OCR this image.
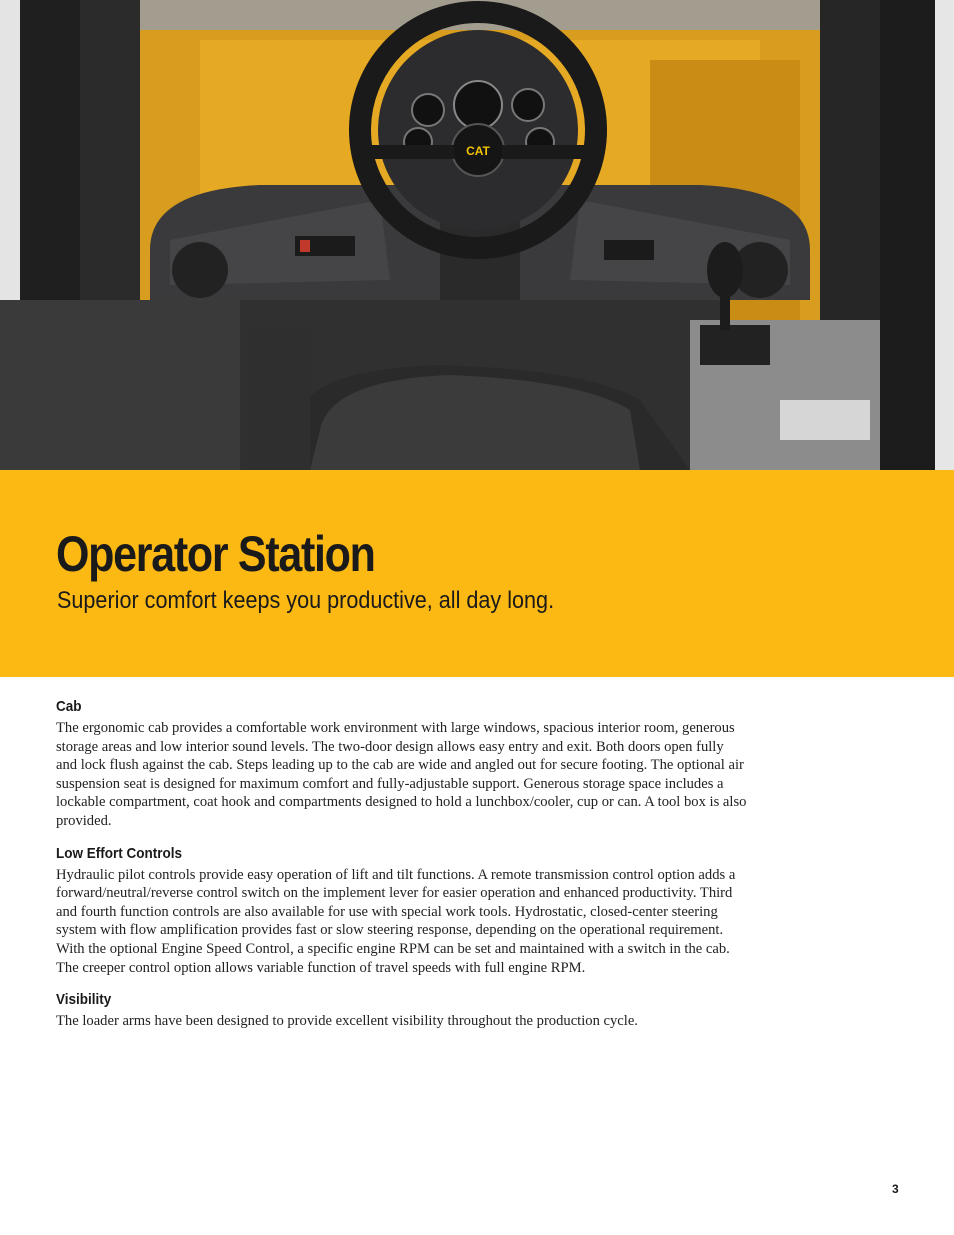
CAT
Operator Station

Superior comfort keeps you productive, all day long.

Cab

The ergonomic cab provides a comfortable work environment with large windows, spacious interior room, generous storage areas and low interior sound levels. The two-door design allows easy entry and exit. Both doors open fully and lock flush against the cab. Steps leading up to the cab are wide and angled out for secure footing. The optional air suspension seat is designed for maximum comfort and fully-adjustable support. Generous storage space includes a lockable compartment, coat hook and compartments designed to hold a lunchbox/cooler, cup or can. A tool box is also provided.

Low Effort Controls

Hydraulic pilot controls provide easy operation of lift and tilt functions. A remote transmission control option adds a forward/neutral/reverse control switch on the implement lever for easier operation and enhanced productivity. Third and fourth function controls are also available for use with special work tools. Hydrostatic, closed-center steering system with flow amplification provides fast or slow steering response, depending on the operational requirement. With the optional Engine Speed Control, a specific engine RPM can be set and maintained with a switch in the cab. The creeper control option allows variable function of travel speeds with full engine RPM.

Visibility

The loader arms have been designed to provide excellent visibility throughout the production cycle.

3
